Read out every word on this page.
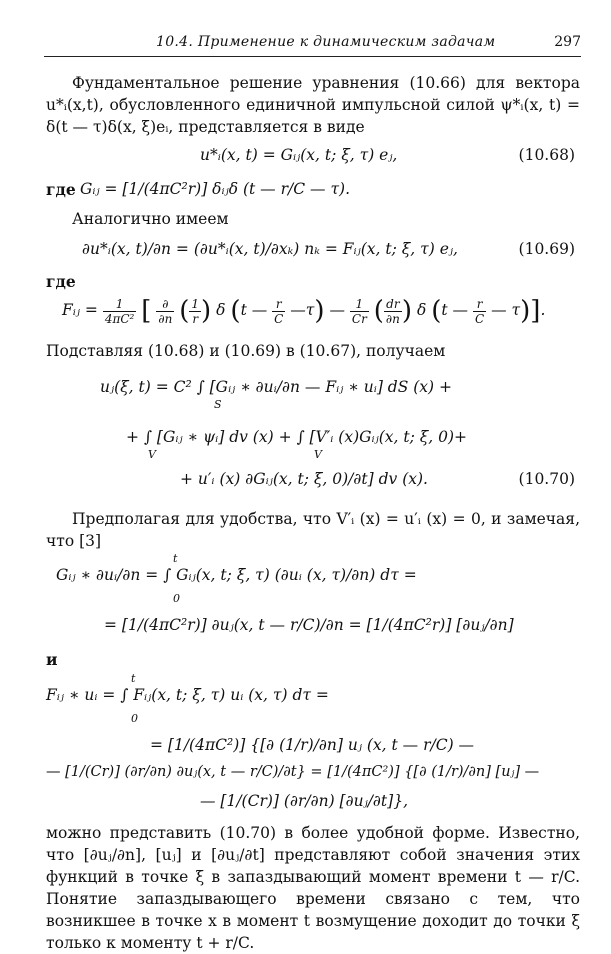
10.4. Применение к динамическим задачам	297
Фундаментальное решение уравнения (10.66) для вектора u*ᵢ(x,t), обусловленного единичной импульсной силой ψ*ᵢ(x, t) = δ(t — τ)δ(x, ξ)eᵢ, представляется в виде
u*ᵢ(x, t) = Gᵢⱼ(x, t; ξ, τ) eⱼ,	(10.68)
где Gᵢⱼ = [1/(4πC²r)] δᵢⱼδ (t — r/C — τ).
Аналогично имеем
∂u*ᵢ(x, t)/∂n = (∂u*ᵢ(x, t)/∂xₖ) nₖ = Fᵢⱼ(x, t; ξ, τ) eⱼ,	(10.69)
где
Fᵢⱼ = $\frac{1}{\text{4πC²}}$ [ $\frac{\partial}{\partial n}$ ( $\frac{1}{r}$ ) δ (t — $\frac{r}{C}$ —τ) — $\frac{1}{Cr}$ ( $\frac{dr}{\partial n}$ ) δ (t — $\frac{r}{C}$ — τ)].
Подставляя (10.68) и (10.69) в (10.67), получаем
uⱼ(ξ, t) = C² ∫ [Gᵢⱼ ∗ ∂uᵢ/∂n — Fᵢⱼ ∗ uᵢ] dS (x) +
S
+ ∫ [Gᵢⱼ ∗ ψᵢ] dv (x) + ∫ [V′ᵢ (x)Gᵢⱼ(x, t; ξ, 0)+
V	V
+ u′ᵢ (x) ∂Gᵢⱼ(x, t; ξ, 0)/∂t] dv (x).	(10.70)
Предполагая для удобства, что V′ᵢ (x) = u′ᵢ (x) = 0, и замечая, что [3]
Gᵢⱼ ∗ ∂uᵢ/∂n = ∫ Gᵢⱼ(x, t; ξ, τ) (∂uᵢ (x, τ)/∂n) dτ =
t
0
= [1/(4πC²r)] ∂uⱼ(x, t — r/C)/∂n = [1/(4πC²r)] [∂uⱼ/∂n]
и
Fᵢⱼ ∗ uᵢ = ∫ Fᵢⱼ(x, t; ξ, τ) uᵢ (x, τ) dτ =
t
0
= [1/(4πC²)] {[∂ (1/r)/∂n] uⱼ (x, t — r/C) —
— [1/(Cr)] (∂r/∂n) ∂uⱼ(x, t — r/C)/∂t} = [1/(4πC²)] {[∂ (1/r)/∂n] [uⱼ] —
— [1/(Cr)] (∂r/∂n) [∂uⱼ/∂t]},
можно представить (10.70) в более удобной форме. Известно, что [∂uⱼ/∂n], [uⱼ] и [∂uⱼ/∂t] представляют собой значения этих функций в точке ξ в запаздывающий момент времени t — r/C. Понятие запаздывающего времени связано с тем, что возникшее в точке x в момент t возмущение доходит до точки ξ только к моменту t + r/C.
